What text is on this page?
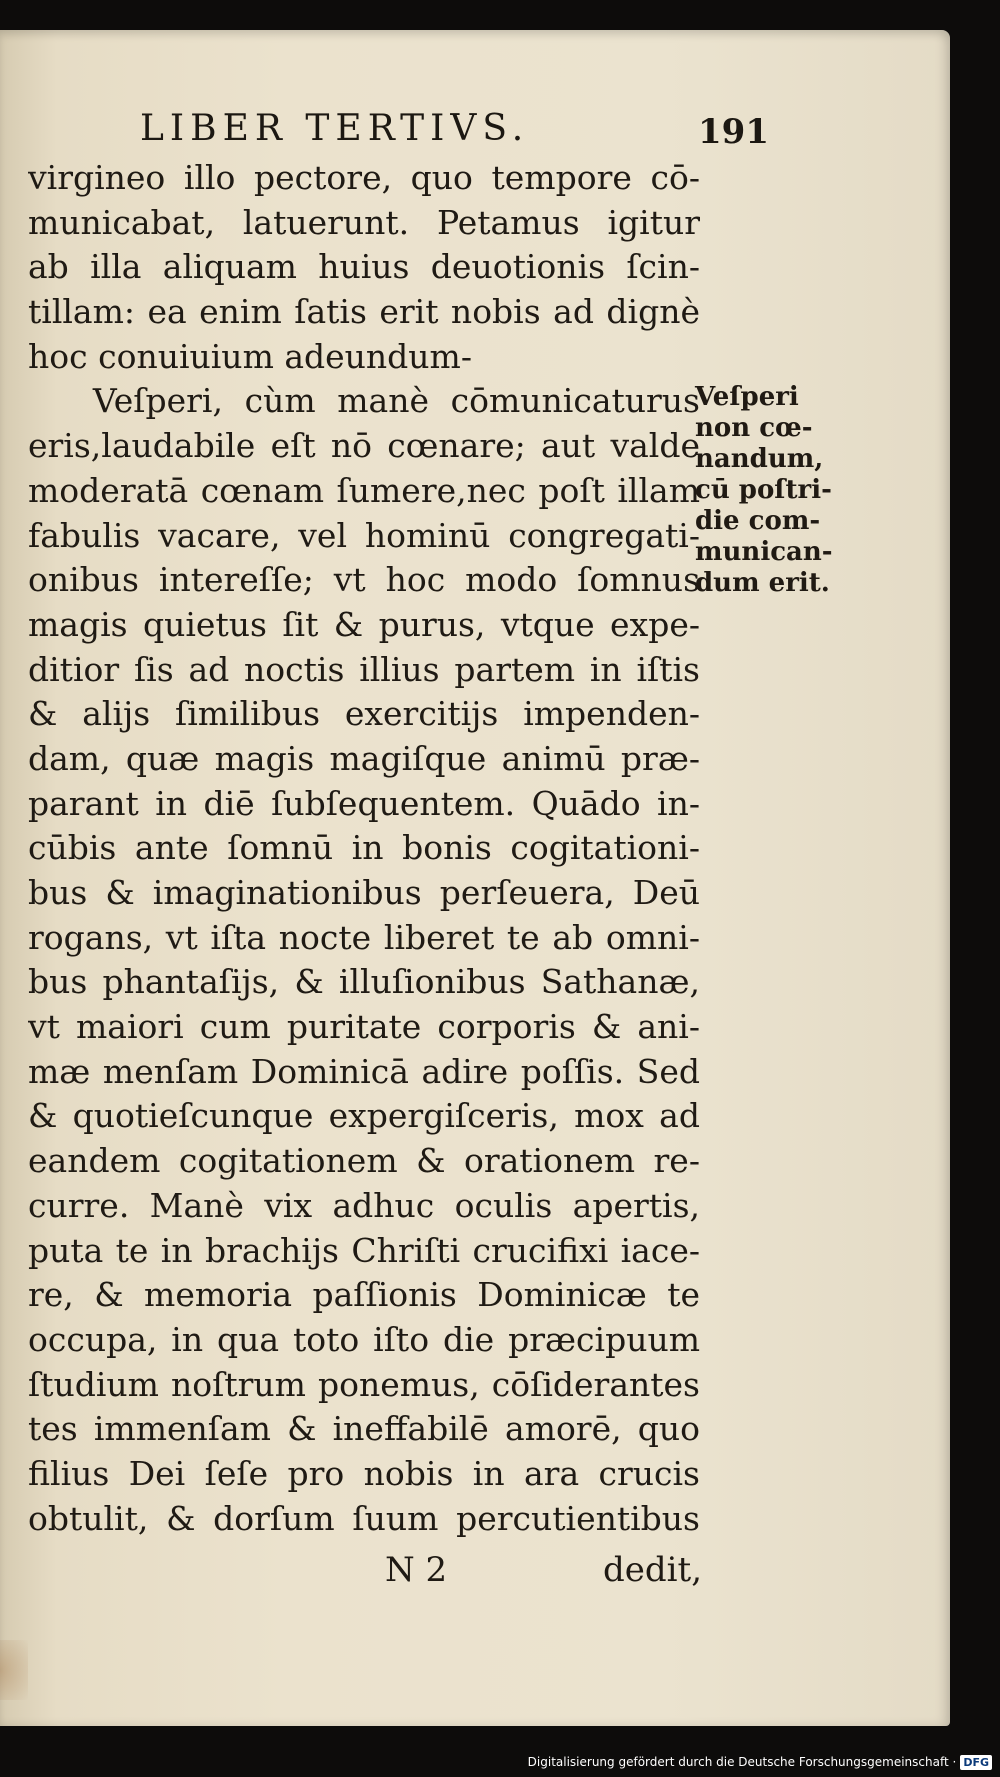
LIBER TERTIVS.	191
virgineo illo pectore, quo tempore cō-
municabat, latuerunt. Petamus igitur
ab illa aliquam huius deuotionis ſcin-
tillam: ea enim ſatis erit nobis ad dignè
hoc conuiuium adeundum-
Veſperi, cùm manè cōmunicaturus
eris,laudabile eſt nō cœnare; aut valde
moderatā cœnam ſumere,nec poſt illam
fabulis vacare, vel hominū congregati-
onibus intereſſe; vt hoc modo ſomnus
magis quietus ſit & purus, vtque expe-
ditior ſis ad noctis illius partem in iſtis
& alijs ſimilibus exercitijs impenden-
dam, quæ magis magiſque animū præ-
parant in diē ſubſequentem. Quādo in-
cūbis ante ſomnū in bonis cogitationi-
bus & imaginationibus perſeuera, Deū
rogans, vt iſta nocte liberet te ab omni-
bus phantaſijs, & illuſionibus Sathanæ,
vt maiori cum puritate corporis & ani-
mæ menſam Dominicā adire poſſis. Sed
& quotieſcunque expergiſceris, mox ad
eandem cogitationem & orationem re-
curre. Manè vix adhuc oculis apertis,
puta te in brachijs Chriſti crucifixi iace-
re, & memoria paſſionis Dominicæ te
occupa, in qua toto iſto die præcipuum
ſtudium noſtrum ponemus, cōſiderantes
tes immenſam & ineffabilē amorē, quo
filius Dei ſeſe pro nobis in ara crucis
obtulit, & dorſum ſuum percutientibus
Veſperi
non cœ-
nandum,
cū poſtri-
die com-
munican-
dum erit.
N 2	dedit,
Digitalisierung gefördert durch die Deutsche Forschungsgemeinschaft · DFG
